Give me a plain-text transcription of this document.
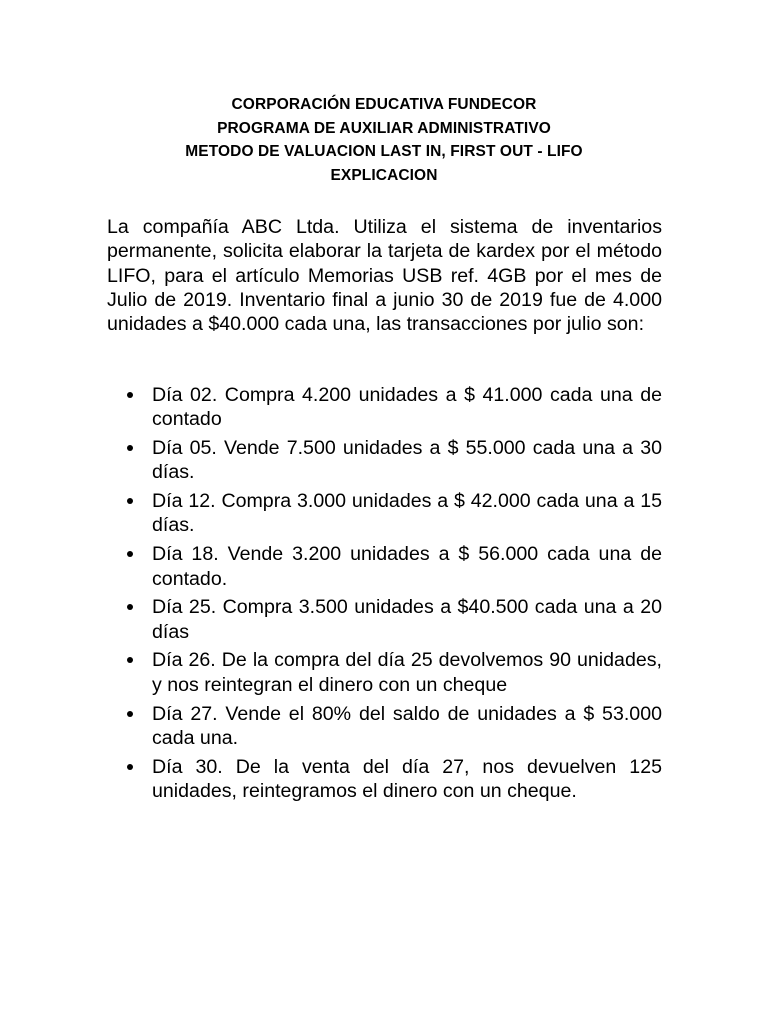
CORPORACIÓN EDUCATIVA FUNDECOR
PROGRAMA DE AUXILIAR ADMINISTRATIVO
METODO DE VALUACION LAST IN, FIRST OUT - LIFO
EXPLICACION

La compañía ABC Ltda. Utiliza el sistema de inventarios permanente, solicita elaborar la tarjeta de kardex por el método LIFO, para el artículo Memorias USB ref. 4GB por el mes de Julio de 2019. Inventario final a junio 30 de 2019 fue de 4.000 unidades a $40.000 cada una, las transacciones por julio son:

Día 02. Compra 4.200 unidades a $ 41.000 cada una de contado
Día 05. Vende 7.500 unidades a $ 55.000 cada una a 30 días.
Día 12. Compra 3.000 unidades a $ 42.000 cada una a 15 días.
Día 18. Vende 3.200 unidades a $ 56.000 cada una de contado.
Día 25. Compra 3.500 unidades a $40.500 cada una a 20 días
Día 26. De la compra del día 25 devolvemos 90 unidades, y nos reintegran el dinero con un cheque
Día 27. Vende el 80% del saldo de unidades a $ 53.000 cada una.
Día 30. De la venta del día 27, nos devuelven 125 unidades, reintegramos el dinero con un cheque.
